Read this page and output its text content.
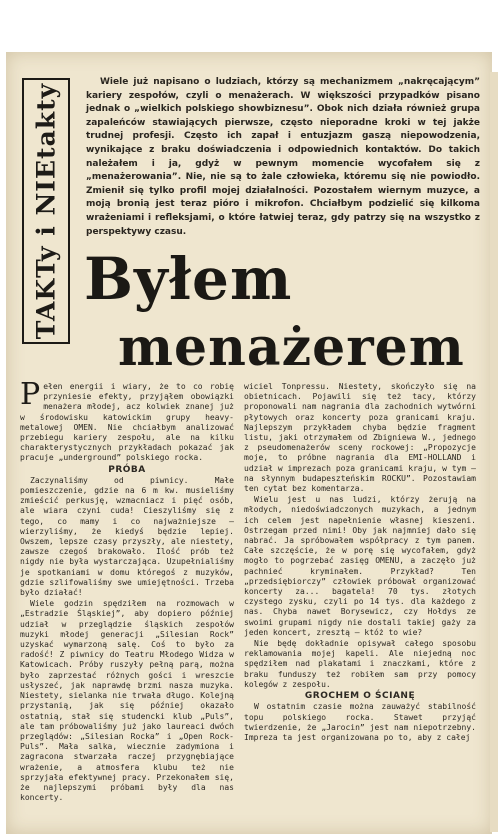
TAKTy i NIEtakty

Wiele już napisano o ludziach, którzy są mechanizmem „nakręcającym” kariery zespołów, czyli o menażerach. W większości przypadków pisano jednak o „wielkich polskiego showbiznesu”. Obok nich działa również grupa zapaleńców stawiających pierwsze, często nieporadne kroki w tej jakże trudnej profesji. Często ich zapał i entuzjazm gaszą niepowodzenia, wynikające z braku doświadczenia i odpowiednich kontaktów. Do takich należałem i ja, gdyż w pewnym momencie wycofałem się z „menażerowania”. Nie, nie są to żale człowieka, któremu się nie powiodło. Zmienił się tylko profil mojej działalności. Pozostałem wiernym muzyce, a moją bronią jest teraz pióro i mikrofon. Chciałbym podzielić się kilkoma wrażeniami i refleksjami, o które łatwiej teraz, gdy patrzy się na wszystko z perspektywy czasu.

Byłem
menażerem

Pełen energii i wiary, że to co robię przyniesie efekty, przyjąłem obowiązki menażera młodej, acz kolwiek znanej już w środowisku katowickim grupy heavy-metalowej OMEN. Nie chciałbym analizować przebiegu kariery zespołu, ale na kilku charakterystycznych przykładach pokazać jak pracuje „underground” polskiego rocka.

PRÓBA

Zaczynaliśmy od piwnicy. Małe pomieszczenie, gdzie na 6 m kw. musieliśmy zmieścić perkusję, wzmacniacz i pięć osób, ale wiara czyni cuda! Cieszyliśmy się z tego, co mamy i co najważniejsze — wierzyliśmy, że kiedyś będzie lepiej. Owszem, lepsze czasy przyszły, ale niestety, zawsze czegoś brakowało. Ilość prób też nigdy nie była wystarczająca. Uzupełnialiśmy je spotkaniami w domu któregoś z muzyków, gdzie szlifowaliśmy swe umiejętności. Trzeba było działać!

Wiele godzin spędziłem na rozmowach w „Estradzie Śląskiej”, aby dopiero później udział w przeglądzie śląskich zespołów muzyki młodej generacji „Silesian Rock” uzyskać wymarzoną salę. Coś to było za radość! Z piwnicy do Teatru Młodego Widza w Katowicach. Próby ruszyły pełną parą, można było zaprzestać różnych gości i wreszcie usłyszeć, jak naprawdę brzmi nasza muzyka. Niestety, sielanka nie trwała długo. Kolejną przystanią, jak się później okazało ostatnią, stał się studencki klub „Puls”, ale tam próbowaliśmy już jako laureaci dwóch przeglądów: „Silesian Rocka” i „Open Rock-Puls”. Mała salka, wiecznie zadymiona i zagracona stwarzała raczej przygnębiające wrażenie, a atmosfera klubu też nie sprzyjała efektywnej pracy. Przekonałem się, że najlepszymi próbami były dla nas koncerty.

wiciel Tonpressu. Niestety, skończyło się na obietnicach. Pojawili się też tacy, którzy proponowali nam nagrania dla zachodnich wytwórni płytowych oraz koncerty poza granicami kraju. Najlepszym przykładem chyba będzie fragment listu, jaki otrzymałem od Zbigniewa W., jednego z pseudomenażerów sceny rockowej: „Propozycje moje, to próbne nagrania dla EMI-HOLLAND i udział w imprezach poza granicami kraju, w tym — na słynnym budapeszteńskim ROCKU”. Pozostawiam ten cytat bez komentarza.

Wielu jest u nas ludzi, którzy żerują na młodych, niedoświadczonych muzykach, a jednym ich celem jest napełnienie własnej kieszeni. Ostrzegam przed nimi! Oby jak najmniej dało się nabrać. Ja spróbowałem współpracy z tym panem. Całe szczęście, że w porę się wycofałem, gdyż mogło to pogrzebać zasięg OMENU, a zaczęło już pachnieć kryminałem. Przykład? Ten „przedsiębiorczy” człowiek próbował organizować koncerty za... bagatela! 70 tys. złotych czystego zysku, czyli po 14 tys. dla każdego z nas. Chyba nawet Borysewicz, czy Hołdys ze swoimi grupami nigdy nie dostali takiej gaży za jeden koncert, zresztą — któż to wie?

Nie będę dokładnie opisywał całego sposobu reklamowania mojej kapeli. Ale niejedną noc spędziłem nad plakatami i znaczkami, które z braku funduszy też robiłem sam przy pomocy kolegów z zespołu.

GROCHEM O ŚCIANĘ

W ostatnim czasie można zauważyć stabilność topu polskiego rocka. Stawet przyjąć twierdzenie, że „Jarocin” jest nam niepotrzebny. Impreza ta jest organizowana po to, aby z całej
